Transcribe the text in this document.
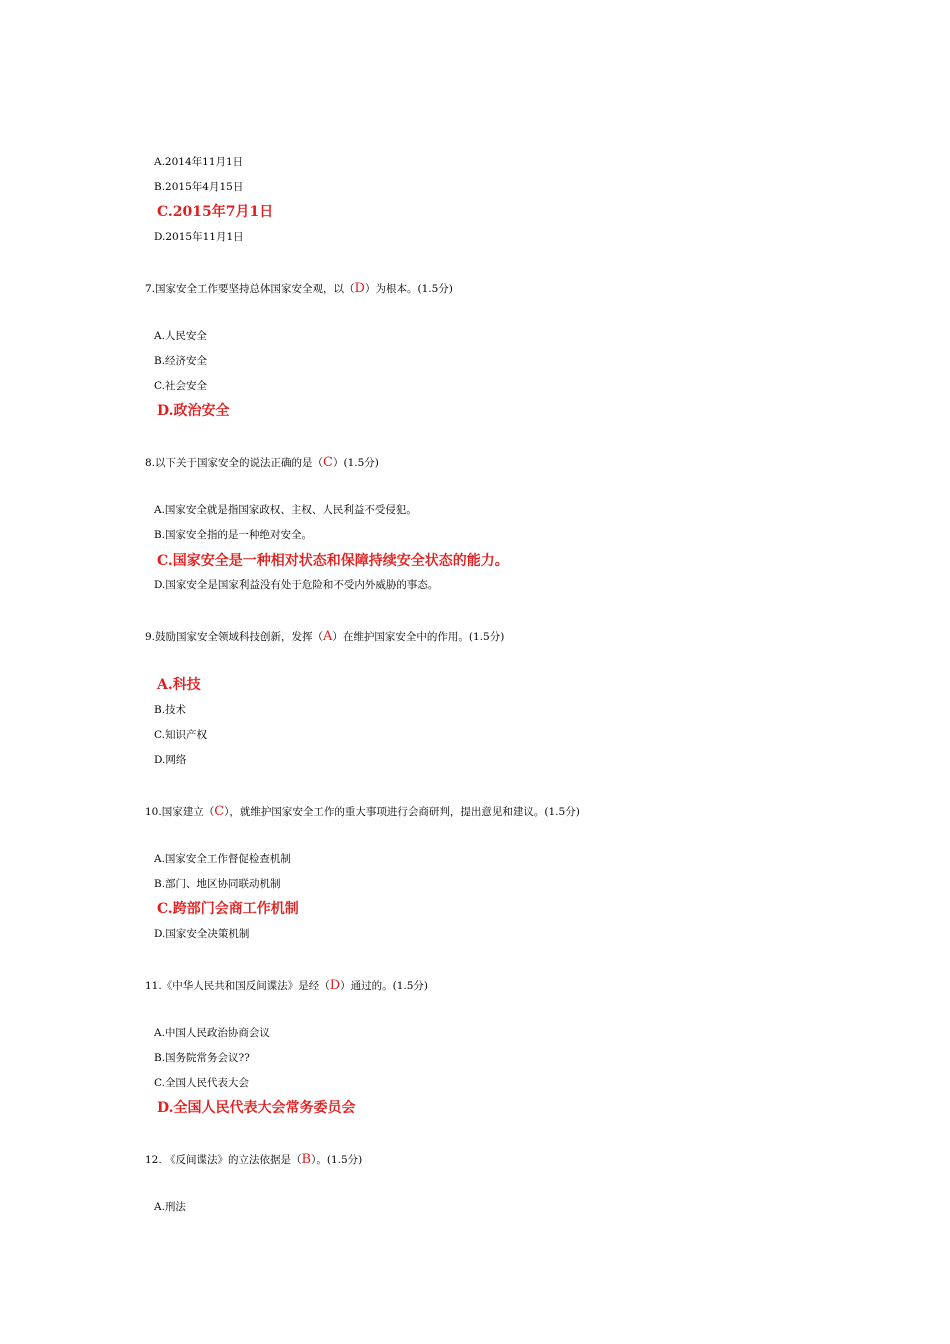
A.2014年11月1日
B.2015年4月15日
C.2015年7月1日
D.2015年11月1日
7.国家安全工作要坚持总体国家安全观，以（D）为根本。(1.5分)
A.人民安全
B.经济安全
C.社会安全
D.政治安全
8.以下关于国家安全的说法正确的是（C）(1.5分)
A.国家安全就是指国家政权、主权、人民利益不受侵犯。
B.国家安全指的是一种绝对安全。
C.国家安全是一种相对状态和保障持续安全状态的能力。
D.国家安全是国家利益没有处于危险和不受内外威胁的事态。
9.鼓励国家安全领域科技创新，发挥（A）在维护国家安全中的作用。(1.5分)
A.科技
B.技术
C.知识产权
D.网络
10.国家建立（C），就维护国家安全工作的重大事项进行会商研判，提出意见和建议。(1.5分)
A.国家安全工作督促检查机制
B.部门、地区协同联动机制
C.跨部门会商工作机制
D.国家安全决策机制
11.《中华人民共和国反间谍法》是经（D）通过的。(1.5分)
A.中国人民政治协商会议
B.国务院常务会议??
C.全国人民代表大会
D.全国人民代表大会常务委员会
12. 《反间谍法》的立法依据是（B）。(1.5分)
A.刑法
